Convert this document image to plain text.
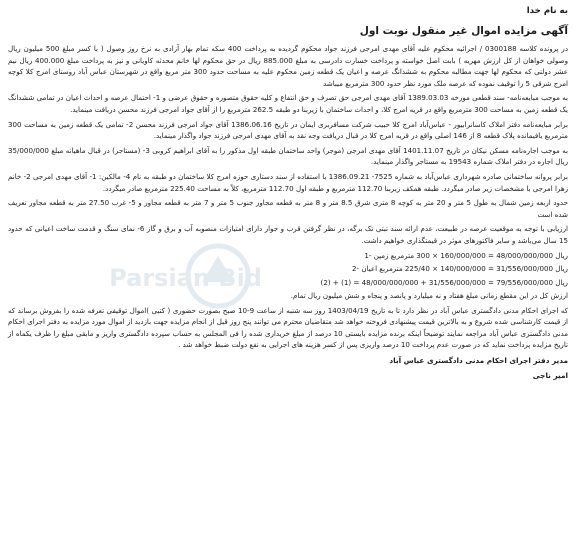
به نام خدا
آگهی مزایده اموال غیر منقول نوبت اول

در پرونده کلاسه 0300188 / اجرائیه محکوم علیه آقای مهدی امرجی فرزند جواد محکوم گردیده به پرداخت 400 سکه تمام بهار آزادی به نرخ روز وصول ( با کسر مبلغ 500 میلیون ریال وصولی خواهان از کل ارزش مهریه ) بابت اصل خواسته و پرداخت خسارت دادرسی به مبلغ 885.000 ریال در حق محکوم لها خانم محدثه کاویانی و نیز به پرداخت مبلغ 400.000 ریال نیم عشر دولتی که محکوم لها جهت مطالبه محکوم به ششدانگ عرصه و اعیان یک قطعه زمین محکوم علیه به مساحت حدود 300 متر مربع واقع در شهرستان عباس آباد روستای امرج کلا کوچه امرج شرقی 5 را توقیف نموده که عرصه ملک مورد نظر حدود 300 مترمربع میباشد

به موجب مبایعه‌نامه- سند قطعی مورخه 1389.03.03 آقای مهدی امرجی حق تصرف و حق انتفاع و کلیه حقوق متصوره و حقوق عرضی و 1- احتمال عرصه و احداث اعیان در تمامی ششدانگ یک قطعه زمین به مساحت 300 مترمربع واقع در قریه امرج کلا، و احداث ساختمان با زیربنا دو طبقه 262.5 مترمربع را از آقای جواد امرجی فرزند محسن دریافت مینماید.

برابر مبایعه‌نامه دفتر املاک کاسانرابیور - عباس‌آباد امرج کلا حبیب شرکت مسافربری ایمان در تاریخ 1386.06.16 آقای جواد امرجی فرزند محسن 2- تمامی یک قطعه زمین به مساحت 300 مترمربع بافیمانده پلاک قطعه 8 از 146 اصلی واقع در قریه امرج کلا در قبال دریافت وجه نقد به آقای مهدی امرجی فرزند جواد واگذار مینماید.

به موجب اجاره‌نامه مسکن نیکان در تاریخ 1401.11.07 آقای مهدی امرجی (موجر) واحد ساختمان طبقه اول مذکور را به آقای ابراهیم کروبی 3- (مستاجر) در قبال ماهیانه مبلغ 35/000/000 ریال اجاره در دفتر املاک شماره 19543 به مستاجر واگذار مینماید.

برابر پروانه ساختمانی صادره شهرداری عباس‌آباد به شماره 7525- 1386.09.21 با استفاده از سند دستاری حوزه امرج کلا ساختمان دو طبقه به نام 4- مالکین: 1- آقای مهدی امرجی 2- خانم زهرا امرجی با مشخصات زیر صادر میگردد. طبقه همکف زیربنا 112.70 مترمربع و طبقه اول 112.70 مترمربع، کلاً به مساحت 225.40 مترمربع صادر میگردد.

حدود اربعه زمین شمال به طول 5 متر و 20 متر به کوچه 8 متری شرق 8.5 متر و 8 متر به قطعه مجاور جنوب 5 متر و 7 متر به قطعه مجاور و 5- غرب 27.50 متر به قطعه مجاور تعریف شده است

ارزیابی با توجه به موقعیت عرصه در طبیعت، عدم ارائه سند تبتی تک برگه، در نظر گرفتن قرب و جوار دارای امتیازات منصوبه آب و برق و گاز 6- نمای سنگ و قدمت ساخت اعیانی که حدود 15 سال می‌باشد و سایر فاکتورهای موثر در قیمتگذاری خواهیم داشت.

ریال 48/000/000/000 = 160/000/000 × 300 مترمربع زمین -1
ریال 31/556/000/000 = 140/000/000 × 225/40 مترمربع اعیان -2
ریال 79/556/000/000 = 31/556/000/000 + 48/000/000/000 = (1) + (2)

ارزش کل در این مقطع زمانی مبلغ هفتاد و نه میلیارد و پانصد و پنجاه و شش میلیون ریال تمام.

که اجرای احکام مدنی دادگستری عباس آباد در نظر دارد تا به تاریخ 1403/04/19 روز سه شنبه از ساعت 9-10 صبح بصورت حضوری ( کتبی )اموال توقیفی تعرفه شده را بفروش برساند که از قیمت کارشناسی شده شروع و به بالاترین قیمت پیشنهادی فروخته خواهد شد متقاضیان محترم می توانند پنج روز قبل از انجام مزایده جهت بازدید از اموال مورد مزایده به دفتر اجرای احکام مدنی دادگستری عباس آباد مراجعه نمایند توضیحاً اینکه برنده مزایده بایستی 10 درصد از مبلغ خریداری شده را فی المجلس به حساب سپرده دادگستری واریز و مابقی مبلغ را ظرف یکماه از تاریخ مزایده پرداخت نماید که در صورت عدم پرداخت 10 درصد واریزی پس از کسر هزینه های اجرایی به نفع دولت ضبط خواهد شد .

مدیر دفتر اجرای احکام مدنی دادگستری عباس آباد
امیر ناجی
Parsian Bid
